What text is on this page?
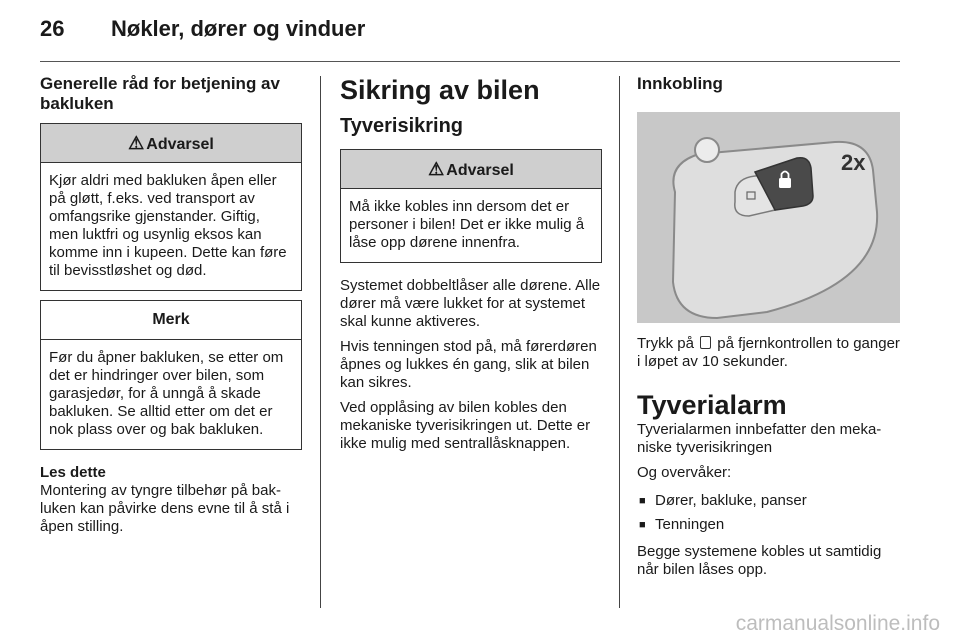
26 Nøkler, dører og vinduer
Generelle råd for betjening av bakluken
⚠ Advarsel
Kjør aldri med bakluken åpen eller på gløtt, f.eks. ved transport av omfangsrike gjenstander. Giftig, men luktfri og usynlig eksos kan komme inn i kupeen. Dette kan føre til bevisstløshet og død.
Merk
Før du åpner bakluken, se etter om det er hindringer over bilen, som garasjedør, for å unngå å skade bakluken. Se alltid etter om det er nok plass over og bak bakluken.

Les dette

Montering av tyngre tilbehør på bakluken kan påvirke dens evne til å stå i åpen stilling.

Sikring av bilen
Tyverisikring
⚠ Advarsel
Må ikke kobles inn dersom det er personer i bilen! Det er ikke mulig å låse opp dørene innenfra.

Systemet dobbeltlåser alle dørene. Alle dører må være lukket for at systemet skal kunne aktiveres.

Hvis tenningen stod på, må førerdøren åpnes og lukkes én gang, slik at bilen kan sikres.

Ved opplåsing av bilen kobles den mekaniske tyverisikringen ut. Dette er ikke mulig med sentrallåsknappen.

Innkobling
2x

Trykk på på fjernkontrollen to ganger i løpet av 10 sekunder.

Tyverialarm

Tyverialarmen innbefatter den mekaniske tyverisikringen

Og overvåker:

■ Dører, bakluke, panser
■ Tenningen

Begge systemene kobles ut samtidig når bilen låses opp.

carmanualsonline.info
